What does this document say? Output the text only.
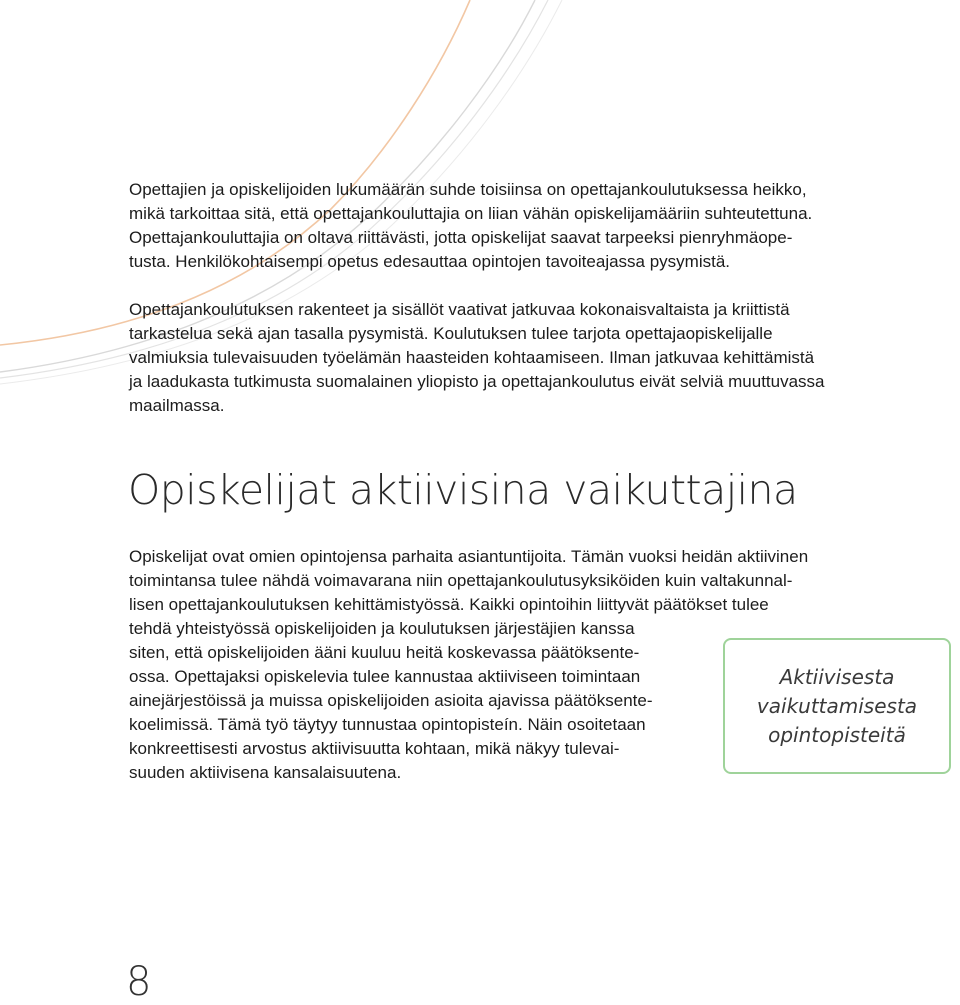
Opettajien ja opiskelijoiden lukumäärän suhde toisiinsa on opettajankoulutuksessa heikko,
mikä tarkoittaa sitä, että opettajankouluttajia on liian vähän opiskelijamääriin suhteutettuna.
Opettajankouluttajia on oltava riittävästi, jotta opiskelijat saavat tarpeeksi pienryhmäope-
tusta. Henkilökohtaisempi opetus edesauttaa opintojen tavoiteajassa pysymistä.
Opettajankoulutuksen rakenteet ja sisällöt vaativat jatkuvaa kokonaisvaltaista ja kriittistä
tarkastelua sekä ajan tasalla pysymistä. Koulutuksen tulee tarjota opettajaopiskelijalle
valmiuksia tulevaisuuden työelämän haasteiden kohtaamiseen. Ilman jatkuvaa kehittämistä
ja laadukasta tutkimusta suomalainen yliopisto ja opettajankoulutus eivät selviä muuttuvassa
maailmassa.
Opiskelijat aktiivisina vaikuttajina
Opiskelijat ovat omien opintojensa parhaita asiantuntijoita. Tämän vuoksi heidän aktiivinen
toimintansa tulee nähdä voimavarana niin opettajankoulutusyksiköiden kuin valtakunnal-
lisen opettajankoulutuksen kehittämistyössä. Kaikki opintoihin liittyvät päätökset tulee
tehdä yhteistyössä opiskelijoiden ja koulutuksen järjestäjien kanssa
siten, että opiskelijoiden ääni kuuluu heitä koskevassa päätöksente-
ossa. Opettajaksi opiskelevia tulee kannustaa aktiiviseen toimintaan
ainejärjestöissä ja muissa opiskelijoiden asioita ajavissa päätöksente-
koelimissä. Tämä työ täytyy tunnustaa opintopisteín. Näin osoitetaan
konkreettisesti arvostus aktiivisuutta kohtaan, mikä näkyy tulevai-
suuden aktiivisena kansalaisuutena.
Aktiivisesta
vaikuttamisesta
opintopisteitä
8
